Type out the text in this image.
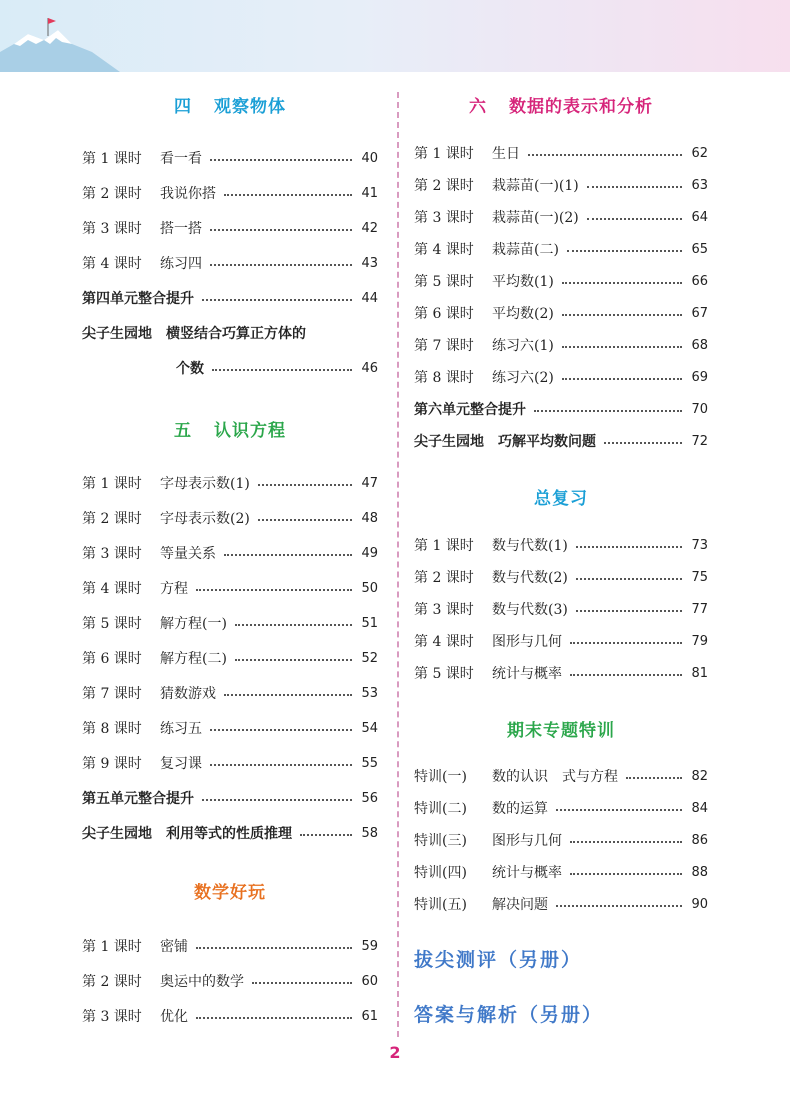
四 观察物体
第 1 课时	看一看	40
第 2 课时	我说你搭	41
第 3 课时	搭一搭	42
第 4 课时	练习四	43
第四单元整合提升	44
尖子生园地　横竖结合巧算正方体的
个数	46
五 认识方程
第 1 课时	字母表示数(1)	47
第 2 课时	字母表示数(2)	48
第 3 课时	等量关系	49
第 4 课时	方程	50
第 5 课时	解方程(一)	51
第 6 课时	解方程(二)	52
第 7 课时	猜数游戏	53
第 8 课时	练习五	54
第 9 课时	复习课	55
第五单元整合提升	56
尖子生园地　利用等式的性质推理	58
数学好玩
第 1 课时	密铺	59
第 2 课时	奥运中的数学	60
第 3 课时	优化	61
六 数据的表示和分析
第 1 课时	生日	62
第 2 课时	栽蒜苗(一)(1)	63
第 3 课时	栽蒜苗(一)(2)	64
第 4 课时	栽蒜苗(二)	65
第 5 课时	平均数(1)	66
第 6 课时	平均数(2)	67
第 7 课时	练习六(1)	68
第 8 课时	练习六(2)	69
第六单元整合提升	70
尖子生园地　巧解平均数问题	72
总复习
第 1 课时	数与代数(1)	73
第 2 课时	数与代数(2)	75
第 3 课时	数与代数(3)	77
第 4 课时	图形与几何	79
第 5 课时	统计与概率	81
期末专题特训
特训(一)	数的认识　式与方程	82
特训(二)	数的运算	84
特训(三)	图形与几何	86
特训(四)	统计与概率	88
特训(五)	解决问题	90
拔尖测评（另册）
答案与解析（另册）
2
